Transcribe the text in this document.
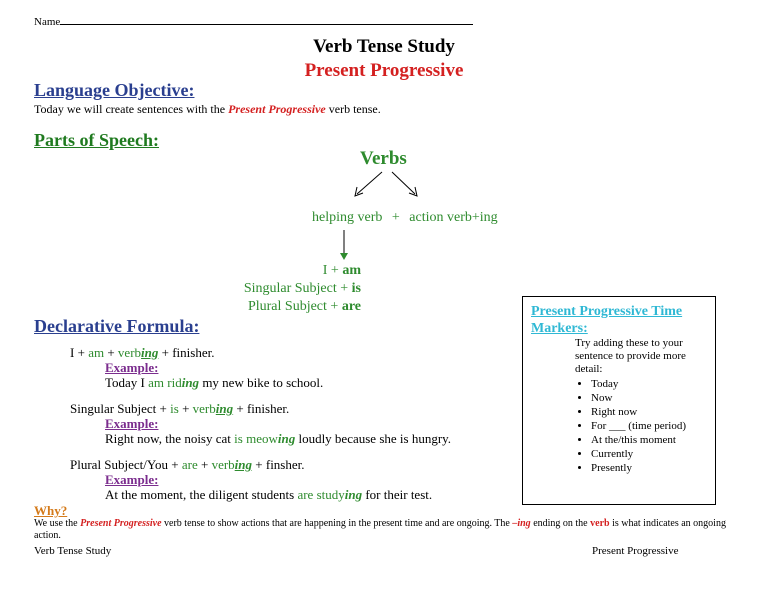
Name
Verb Tense Study
Present Progressive
Language Objective:
Today we will create sentences with the Present Progressive verb tense.
Parts of Speech:
Verbs
helping verb + action verb+ing
I + am
Singular Subject + is
Plural Subject + are
Declarative Formula:
I + am + verbing + finisher.
Example:
Today I am riding my new bike to school.
Singular Subject + is + verbing + finisher.
Example:
Right now, the noisy cat is meowing loudly because she is hungry.
Plural Subject/You + are + verbing + finsher.
Example:
At the moment, the diligent students are studying for their test.
Present Progressive Time Markers:
Try adding these to your sentence to provide more detail:
• Today
• Now
• Right now
• For ___ (time period)
• At the/this moment
• Currently
• Presently
Why?
We use the Present Progressive verb tense to show actions that are happening in the present time and are ongoing. The –ing ending on the verb is what indicates an ongoing action.
Verb Tense Study	Present Progressive
